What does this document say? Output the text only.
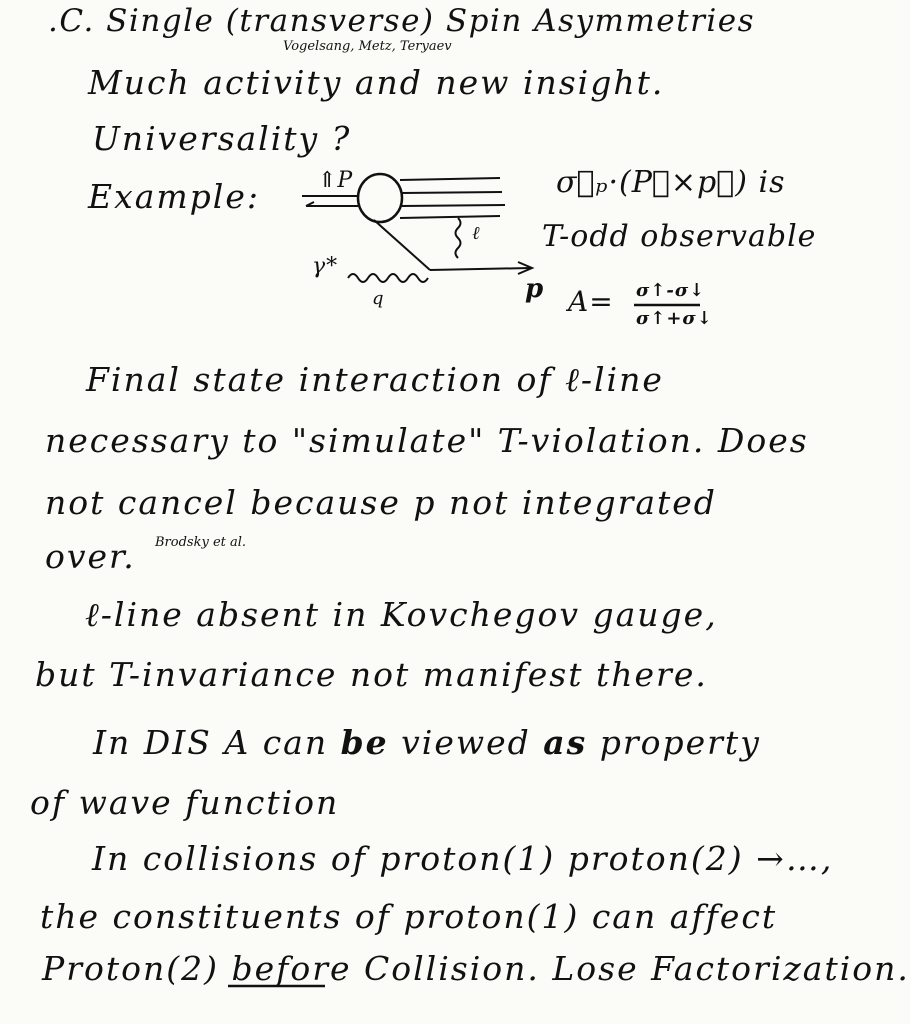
.C. Single (transverse) Spin Asymmetries
Vogelsang, Metz, Teryaev
Much activity and new insight.
Universality ?
Example:	⇑P
γ*
q
ℓ
p
σ⃗ₚ·(P⃗×p⃗) is
T-odd observable
A= σ↑-σ↓
σ↑+σ↓
Final state interaction of ℓ-line
necessary to "simulate" T-violation. Does
not cancel because p not integrated
over. Brodsky et al.
ℓ-line absent in Kovchegov gauge,
but T-invariance not manifest there.
In DIS A can be viewed as property
of wave function
In collisions of proton(1) proton(2) →…,
the constituents of proton(1) can affect
Proton(2) before Collision. Lose Factorization.
